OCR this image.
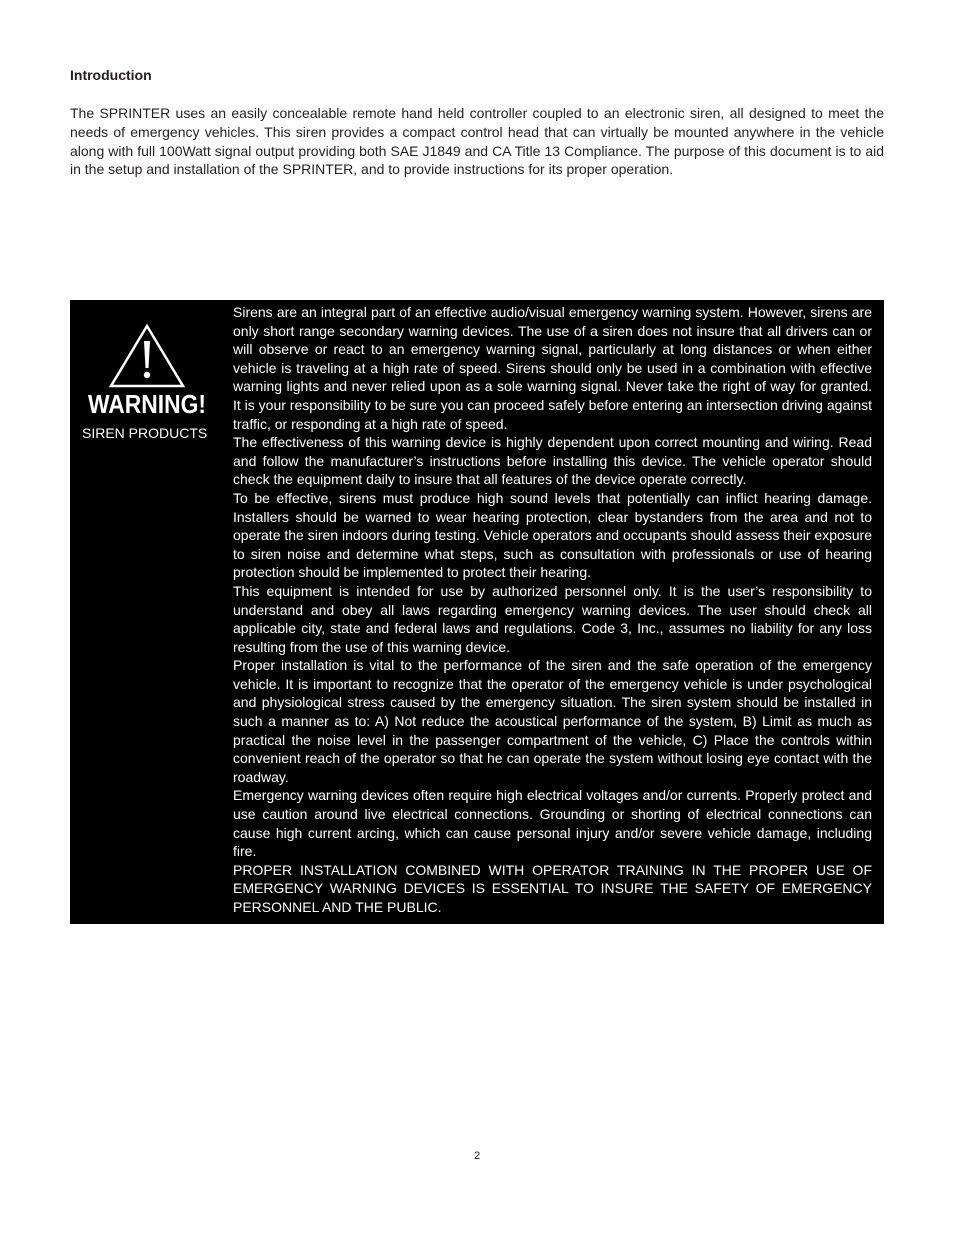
Introduction

The SPRINTER uses an easily concealable remote hand held controller coupled to an electronic siren, all designed to meet the needs of emergency vehicles. This siren provides a compact control head that can virtually be mounted anywhere in the vehicle along with full 100Watt signal output providing both SAE J1849 and CA Title 13 Compliance. The purpose of this document is to aid in the setup and installation of the SPRINTER, and to provide instructions for its proper operation.

WARNING!
SIREN PRODUCTS

Sirens are an integral part of an effective audio/visual emergency warning system. However, sirens are only short range secondary warning devices. The use of a siren does not insure that all drivers can or will observe or react to an emergency warning signal, particularly at long distances or when either vehicle is traveling at a high rate of speed. Sirens should only be used in a combination with effective warning lights and never relied upon as a sole warning signal. Never take the right of way for granted. It is your responsibility to be sure you can proceed safely before entering an intersection driving against traffic, or responding at a high rate of speed.

The effectiveness of this warning device is highly dependent upon correct mounting and wiring. Read and follow the manufacturer’s instructions before installing this device. The vehicle operator should check the equipment daily to insure that all features of the device operate correctly.

To be effective, sirens must produce high sound levels that potentially can inflict hearing damage. Installers should be warned to wear hearing protection, clear bystanders from the area and not to operate the siren indoors during testing. Vehicle operators and occupants should assess their exposure to siren noise and determine what steps, such as consultation with professionals or use of hearing protection should be implemented to protect their hearing.

This equipment is intended for use by authorized personnel only. It is the user’s responsibility to understand and obey all laws regarding emergency warning devices. The user should check all applicable city, state and federal laws and regulations. Code 3, Inc., assumes no liability for any loss resulting from the use of this warning device.

Proper installation is vital to the performance of the siren and the safe operation of the emergency vehicle. It is important to recognize that the operator of the emergency vehicle is under psychological and physiological stress caused by the emergency situation. The siren system should be installed in such a manner as to: A) Not reduce the acoustical performance of the system, B) Limit as much as practical the noise level in the passenger compartment of the vehicle, C) Place the controls within convenient reach of the operator so that he can operate the system without losing eye contact with the roadway.

Emergency warning devices often require high electrical voltages and/or currents. Properly protect and use caution around live electrical connections. Grounding or shorting of electrical connections can cause high current arcing, which can cause personal injury and/or severe vehicle damage, including fire.

PROPER INSTALLATION COMBINED WITH OPERATOR TRAINING IN THE PROPER USE OF EMERGENCY WARNING DEVICES IS ESSENTIAL TO INSURE THE SAFETY OF EMERGENCY PERSONNEL AND THE PUBLIC.

2
